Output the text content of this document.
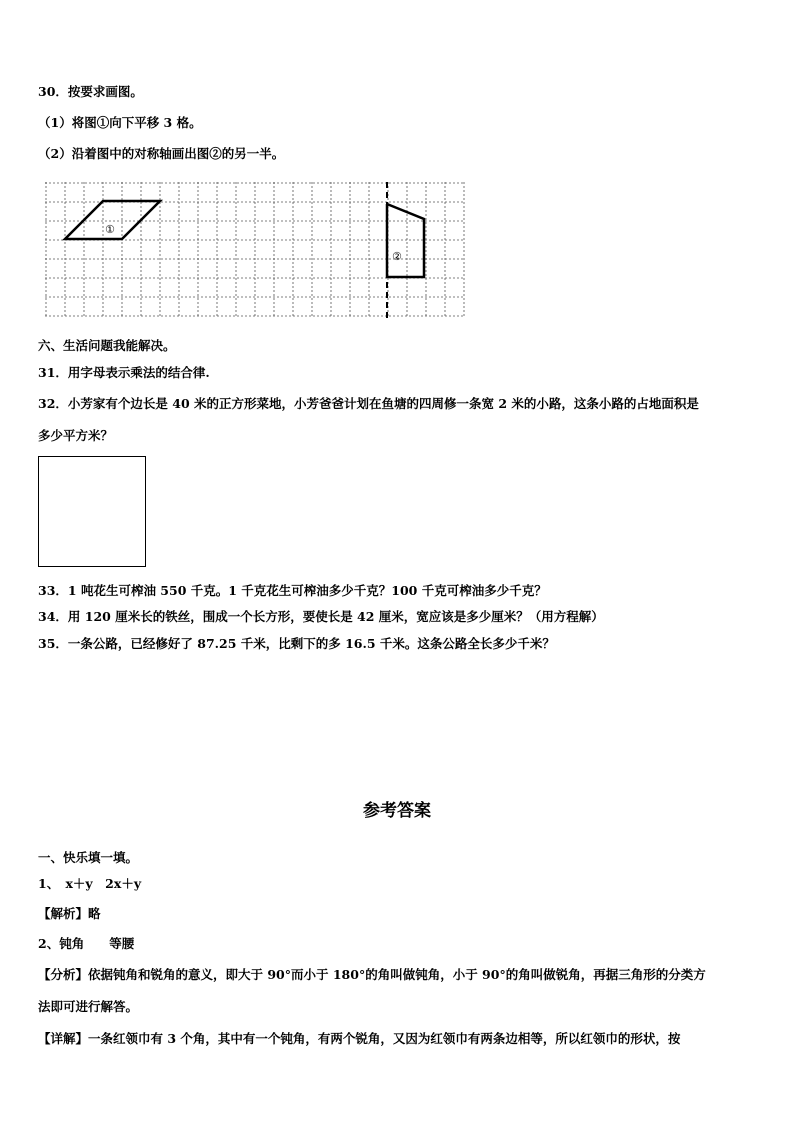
30．按要求画图。
（1）将图①向下平移 3 格。
（2）沿着图中的对称轴画出图②的另一半。
①
②
六、生活问题我能解决。
31．用字母表示乘法的结合律.
32．小芳家有个边长是 40 米的正方形菜地，小芳爸爸计划在鱼塘的四周修一条宽 2 米的小路，这条小路的占地面积是
多少平方米？
33．1 吨花生可榨油 550 千克。1 千克花生可榨油多少千克？100 千克可榨油多少千克？
34．用 120 厘米长的铁丝，围成一个长方形，要使长是 42 厘米，宽应该是多少厘米？（用方程解）
35．一条公路，已经修好了 87.25 千米，比剩下的多 16.5 千米。这条公路全长多少千米？
参考答案
一、快乐填一填。
1、　x＋y　2x＋y
【解析】略
2、钝角　　等腰
【分析】依据钝角和锐角的意义，即大于 90°而小于 180°的角叫做钝角，小于 90°的角叫做锐角，再据三角形的分类方
法即可进行解答。
【详解】一条红领巾有 3 个角，其中有一个钝角，有两个锐角，又因为红领巾有两条边相等，所以红领巾的形状，按
